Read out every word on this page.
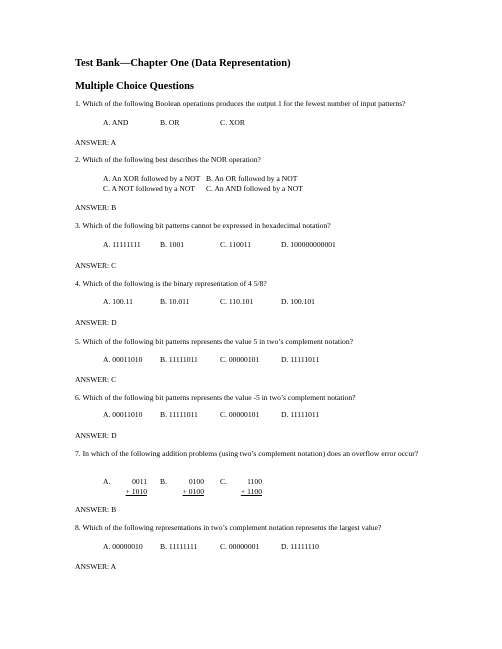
Test Bank—Chapter One (Data Representation)
Multiple Choice Questions
1. Which of the following Boolean operations produces the output 1 for the fewest number of input patterns?
A. AND	B. OR	C. XOR
ANSWER: A
2. Which of the following best describes the NOR operation?
A. An XOR followed by a NOT B. An OR followed by a NOT
C. A NOT followed by a NOT C. An AND followed by a NOT
ANSWER: B
3. Which of the following bit patterns cannot be expressed in hexadecimal notation?
A. 11111111	B. 1001	C. 110011	D. 100000000001
ANSWER: C
4. Which of the following is the binary representation of 4 5/8?
A. 100.11	B. 10.011	C. 110.101	D. 100.101
ANSWER: D
5. Which of the following bit patterns represents the value 5 in two’s complement notation?
A. 00011010 B. 11111011	C. 00000101	D. 11111011
ANSWER: C
6. Which of the following bit patterns represents the value -5 in two’s complement notation?
A. 00011010 B. 11111011	C. 00000101	D. 11111011
ANSWER: D
7. In which of the following addition problems (using two’s complement notation) does an overflow error occur?
A.	0011
+ 1010
B.	0100
+ 0100
C.	1100
+ 1100
ANSWER: B
8. Which of the following representations in two’s complement notation represents the largest value?
A. 00000010 B. 11111111	C. 00000001	D. 11111110
ANSWER: A
